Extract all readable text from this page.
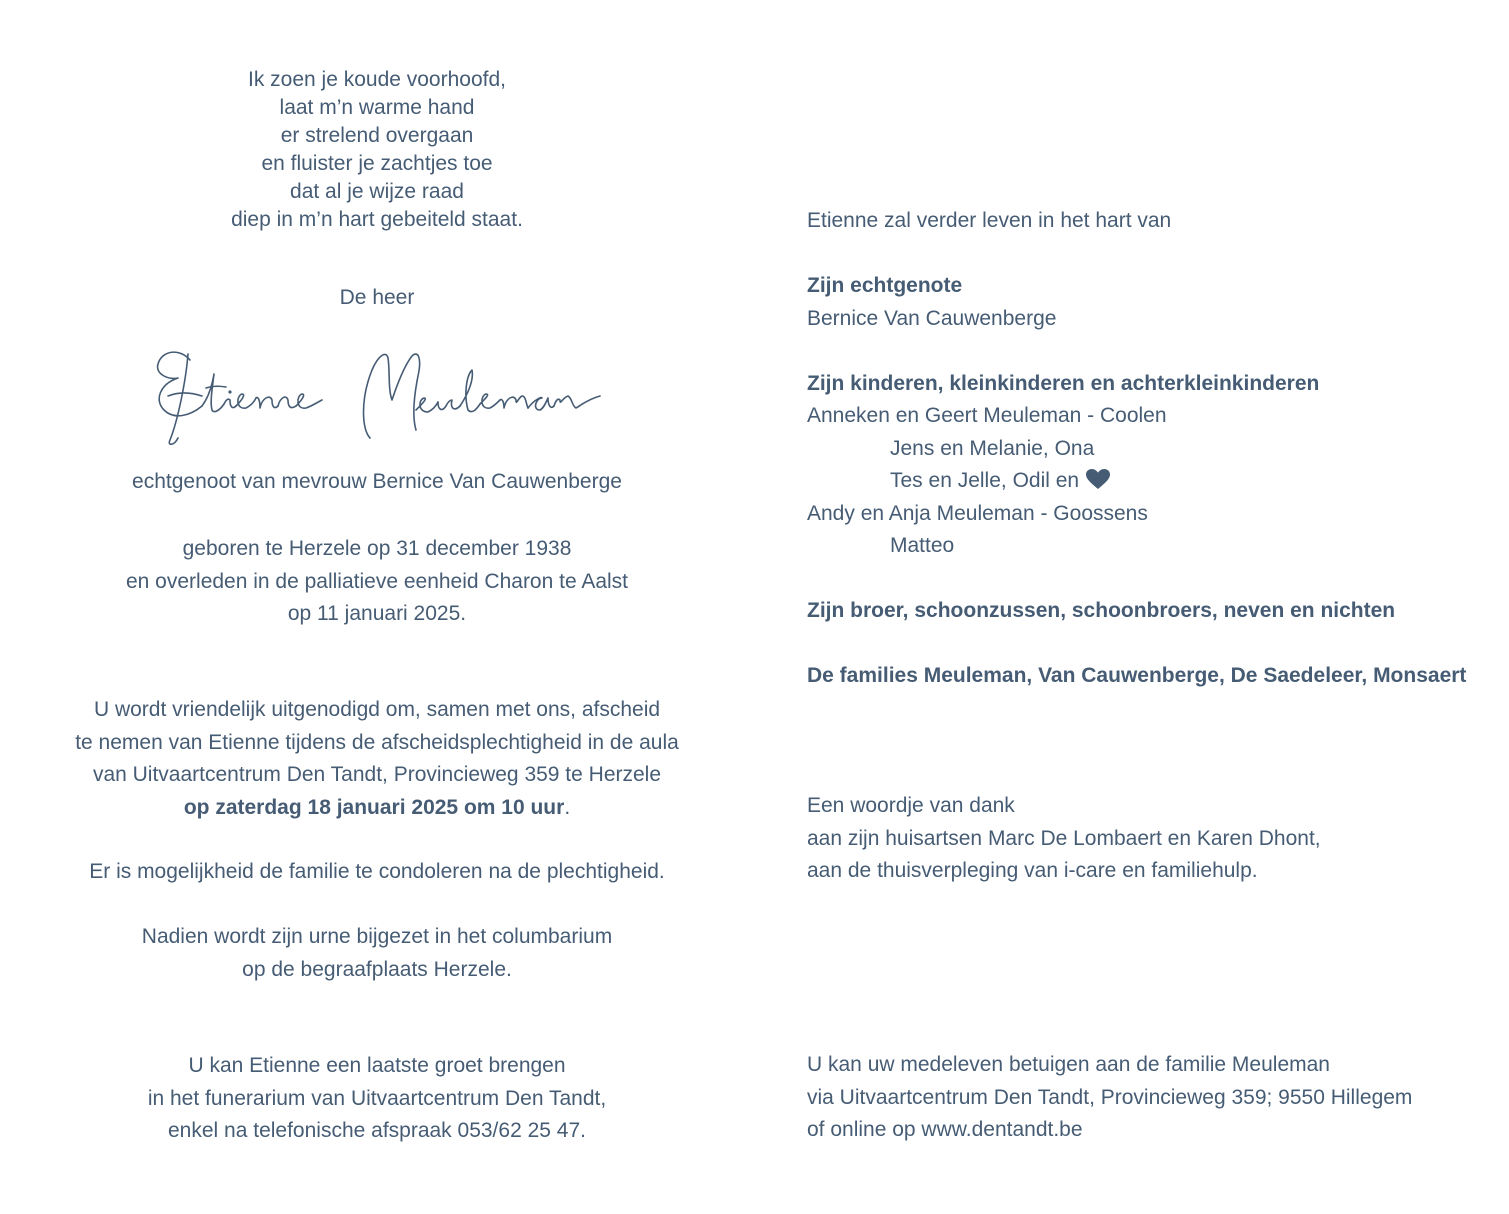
Ik zoen je koude voorhoofd,
laat m’n warme hand
er strelend overgaan
en fluister je zachtjes toe
dat al je wijze raad
diep in m’n hart gebeiteld staat.
De heer
echtgenoot van mevrouw Bernice Van Cauwenberge
geboren te Herzele op 31 december 1938
en overleden in de palliatieve eenheid Charon te Aalst
op 11 januari 2025.
U wordt vriendelijk uitgenodigd om, samen met ons, afscheid
te nemen van Etienne tijdens de afscheidsplechtigheid in de aula
van Uitvaartcentrum Den Tandt, Provincieweg 359 te Herzele
op zaterdag 18 januari 2025 om 10 uur.
Er is mogelijkheid de familie te condoleren na de plechtigheid.
Nadien wordt zijn urne bijgezet in het columbarium
op de begraafplaats Herzele.
U kan Etienne een laatste groet brengen
in het funerarium van Uitvaartcentrum Den Tandt,
enkel na telefonische afspraak 053/62 25 47.
Etienne zal verder leven in het hart van
Zijn echtgenote
Bernice Van Cauwenberge
Zijn kinderen, kleinkinderen en achterkleinkinderen
Anneken en Geert Meuleman - Coolen
Jens en Melanie, Ona
Tes en Jelle, Odil en
Andy en Anja Meuleman - Goossens
Matteo
Zijn broer, schoonzussen, schoonbroers, neven en nichten
De families Meuleman, Van Cauwenberge, De Saedeleer, Monsaert
Een woordje van dank
aan zijn huisartsen Marc De Lombaert en Karen Dhont,
aan de thuisverpleging van i-care en familiehulp.
U kan uw medeleven betuigen aan de familie Meuleman
via Uitvaartcentrum Den Tandt, Provincieweg 359; 9550 Hillegem
of online op www.dentandt.be
